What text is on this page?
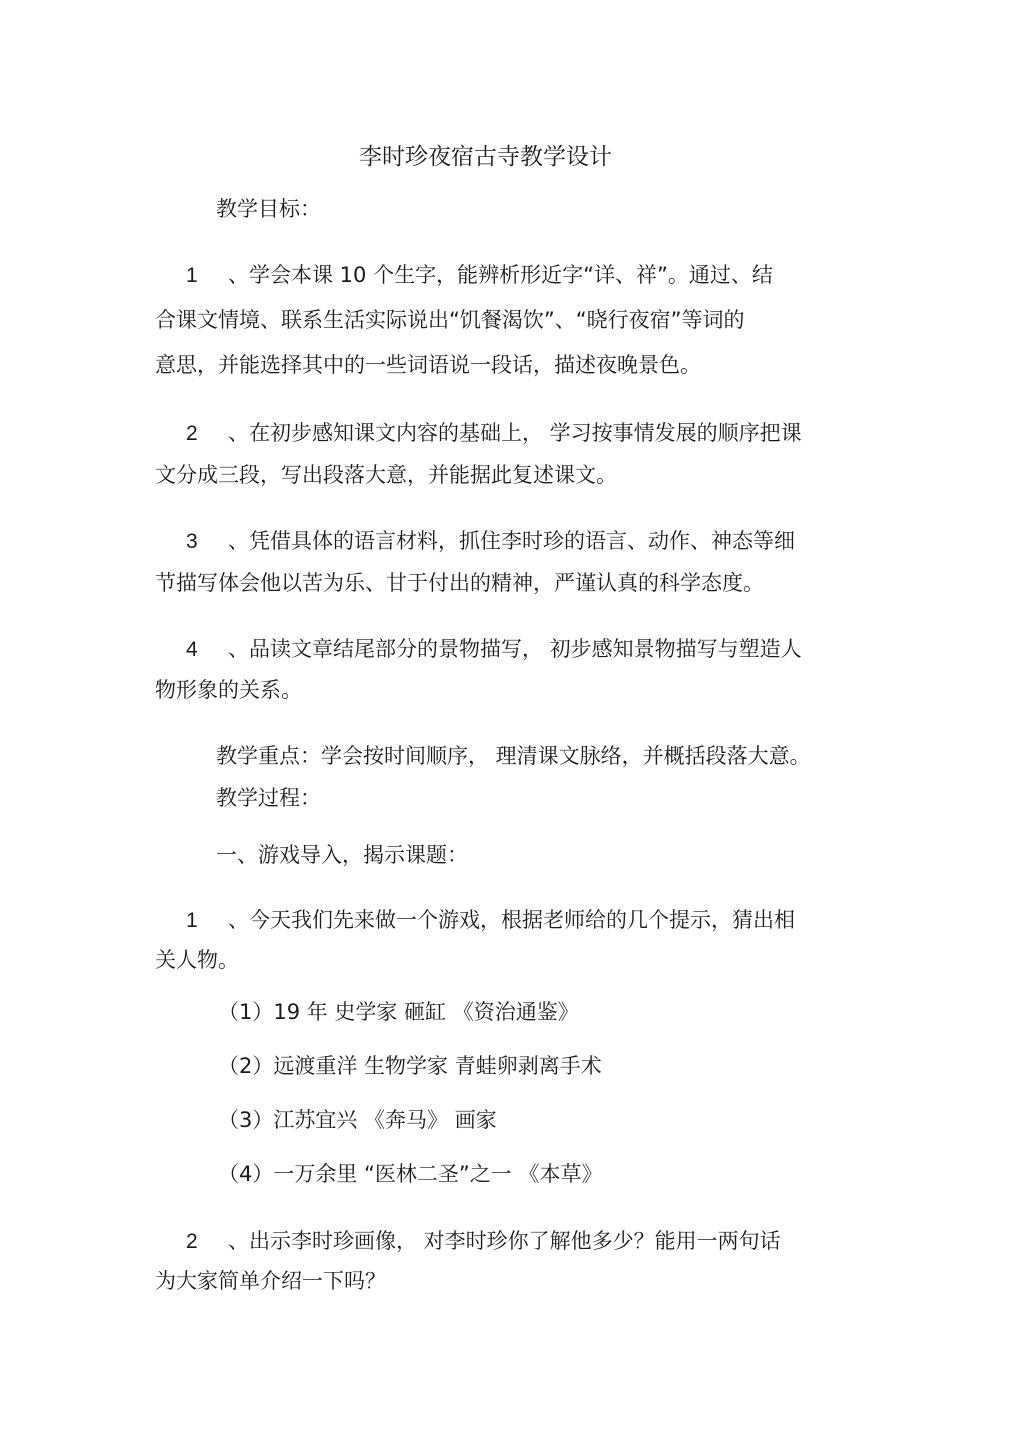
李时珍夜宿古寺教学设计
教学目标：
1 、学会本课 10 个生字，能辨析形近字“详、祥”。通过、结
合课文情境、联系生活实际说出“饥餐渴饮”、“晓行夜宿”等词的
意思，并能选择其中的一些词语说一段话，描述夜晚景色。
2 、在初步感知课文内容的基础上， 学习按事情发展的顺序把课
文分成三段，写出段落大意，并能据此复述课文。
3 、凭借具体的语言材料，抓住李时珍的语言、动作、神态等细
节描写体会他以苦为乐、甘于付出的精神，严谨认真的科学态度。
4 、品读文章结尾部分的景物描写， 初步感知景物描写与塑造人
物形象的关系。
教学重点：学会按时间顺序， 理清课文脉络，并概括段落大意。
教学过程：
一、游戏导入，揭示课题：
1 、今天我们先来做一个游戏，根据老师给的几个提示，猜出相
关人物。
（1）19 年 史学家 砸缸 《资治通鉴》
（2）远渡重洋 生物学家 青蛙卵剥离手术
（3）江苏宜兴 《奔马》 画家
（4）一万余里 “医林二圣”之一 《本草》
2 、出示李时珍画像， 对李时珍你了解他多少？能用一两句话
为大家简单介绍一下吗？
